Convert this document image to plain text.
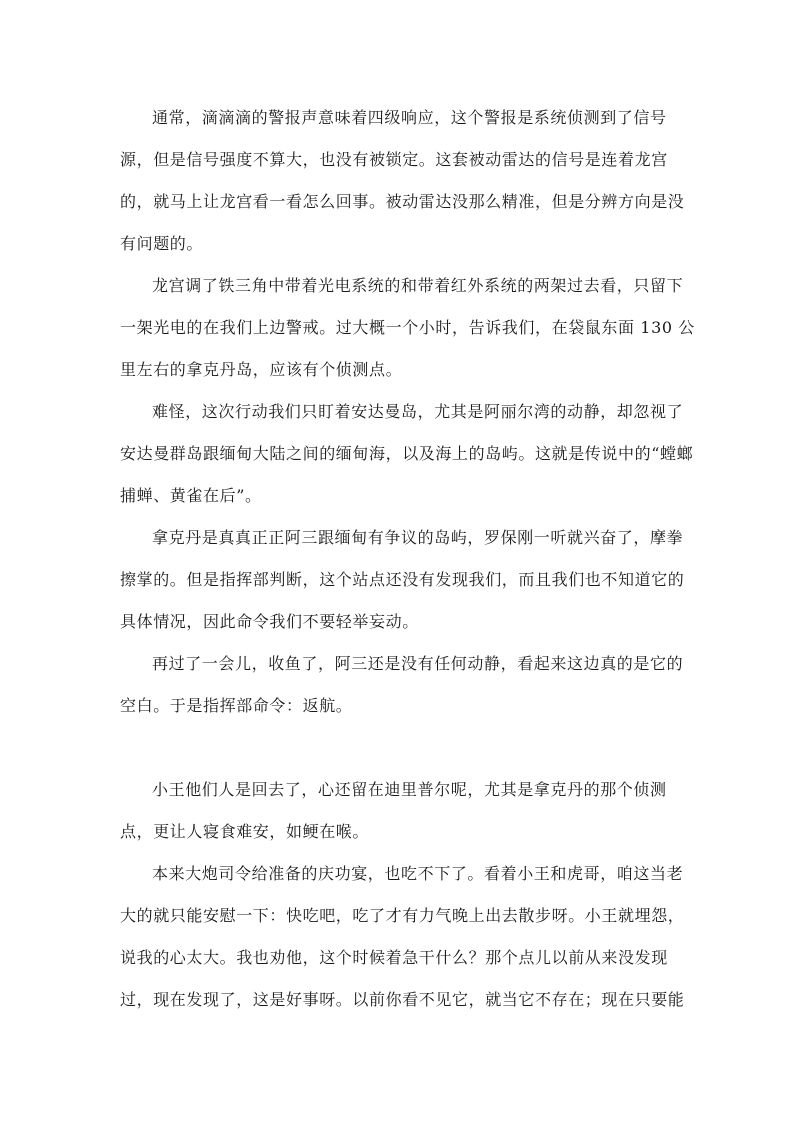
通常，滴滴滴的警报声意味着四级响应，这个警报是系统侦测到了信号
源，但是信号强度不算大，也没有被锁定。这套被动雷达的信号是连着龙宫
的，就马上让龙宫看一看怎么回事。被动雷达没那么精准，但是分辨方向是没
有问题的。
龙宫调了铁三角中带着光电系统的和带着红外系统的两架过去看，只留下
一架光电的在我们上边警戒。过大概一个小时，告诉我们，在袋鼠东面 130 公
里左右的拿克丹岛，应该有个侦测点。
难怪，这次行动我们只盯着安达曼岛，尤其是阿丽尔湾的动静，却忽视了
安达曼群岛跟缅甸大陆之间的缅甸海，以及海上的岛屿。这就是传说中的“螳螂
捕蝉、黄雀在后”。
拿克丹是真真正正阿三跟缅甸有争议的岛屿，罗保刚一听就兴奋了，摩拳
擦掌的。但是指挥部判断，这个站点还没有发现我们，而且我们也不知道它的
具体情况，因此命令我们不要轻举妄动。
再过了一会儿，收鱼了，阿三还是没有任何动静，看起来这边真的是它的
空白。于是指挥部命令：返航。
小王他们人是回去了，心还留在迪里普尔呢，尤其是拿克丹的那个侦测
点，更让人寝食难安，如鲠在喉。
本来大炮司令给准备的庆功宴，也吃不下了。看着小王和虎哥，咱这当老
大的就只能安慰一下：快吃吧，吃了才有力气晚上出去散步呀。小王就埋怨，
说我的心太大。我也劝他，这个时候着急干什么？那个点儿以前从来没发现
过，现在发现了，这是好事呀。以前你看不见它，就当它不存在；现在只要能
